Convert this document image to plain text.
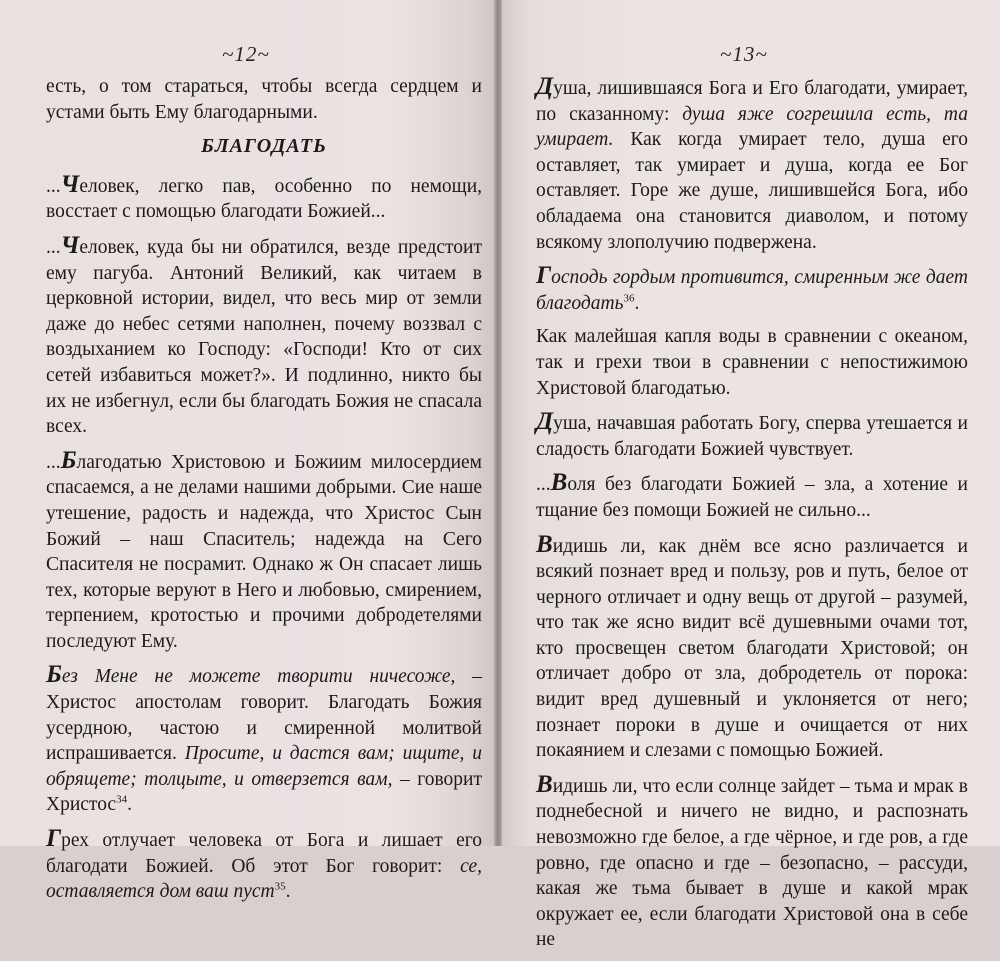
~12~

есть, о том стараться, чтобы всегда сердцем и устами быть Ему благодарными.

БЛАГОДАТЬ

...Человек, легко пав, особенно по немощи, восстает с помощью благодати Божией...

...Человек, куда бы ни обратился, везде предстоит ему пагуба. Антоний Великий, как читаем в церковной истории, видел, что весь мир от земли даже до небес сетями наполнен, почему воззвал с воздыханием ко Господу: «Господи! Кто от сих сетей избавиться может?». И подлинно, никто бы их не избегнул, если бы благодать Божия не спасала всех.

...Благодатью Христовою и Божиим милосердием спасаемся, а не делами нашими добрыми. Сие наше утешение, радость и надежда, что Христос Сын Божий – наш Спаситель; надежда на Сего Спасителя не посрамит. Однако ж Он спасает лишь тех, которые веруют в Него и любовью, смирением, терпением, кротостью и прочими добродетелями последуют Ему.

Без Мене не можете творити ничесоже, – Христос апостолам говорит. Благодать Божия усердною, частою и смиренной молитвой испрашивается. Просите, и дастся вам; ищите, и обрящете; толцыте, и отверзется вам, – говорит Христос$^{34}$.

Грех отлучает человека от Бога и лишает его благодати Божией. Об этот Бог говорит: се, оставляется дом ваш пуст$^{35}$.

~13~

Душа, лишившаяся Бога и Его благодати, умирает, по сказанному: душа яже согрешила есть, та умирает. Как когда умирает тело, душа его оставляет, так умирает и душа, когда ее Бог оставляет. Горе же душе, лишившейся Бога, ибо обладаема она становится диаволом, и потому всякому злополучию подвержена.

Господь гордым противится, смиренным же дает благодать$^{36}$.

Как малейшая капля воды в сравнении с океаном, так и грехи твои в сравнении с непостижимою Христовой благодатью.

Душа, начавшая работать Богу, сперва утешается и сладость благодати Божией чувствует.

...Воля без благодати Божией – зла, а хотение и тщание без помощи Божией не сильно...

Видишь ли, как днём все ясно различается и всякий познает вред и пользу, ров и путь, белое от черного отличает и одну вещь от другой – разумей, что так же ясно видит всё душевными очами тот, кто просвещен светом благодати Христовой; он отличает добро от зла, добродетель от порока: видит вред душевный и уклоняется от него; познает пороки в душе и очищается от них покаянием и слезами с помощью Божией.

Видишь ли, что если солнце зайдет – тьма и мрак в поднебесной и ничего не видно, и распознать невозможно где белое, а где чёрное, и где ров, а где ровно, где опасно и где – безопасно, – рассуди, какая же тьма бывает в душе и какой мрак окружает ее, если благодати Христовой она в себе не
